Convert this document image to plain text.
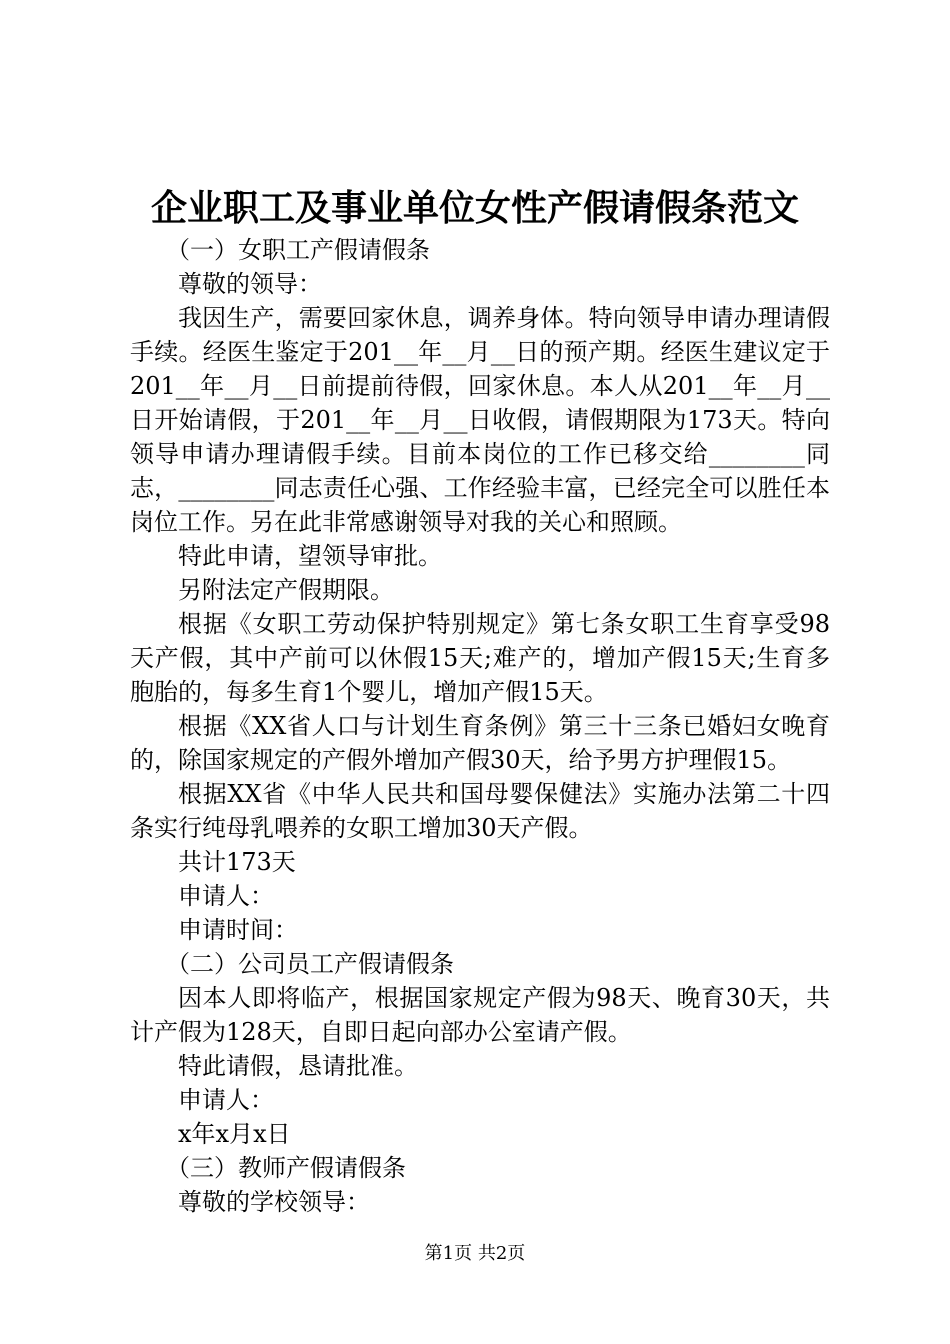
企业职工及事业单位女性产假请假条范文

（一）女职工产假请假条

尊敬的领导：

我因生产，需要回家休息，调养身体。特向领导申请办理请假手续。经医生鉴定于201__年__月__日的预产期。经医生建议定于201__年__月__日前提前待假，回家休息。本人从201__年__月__日开始请假，于201__年__月__日收假，请假期限为173天。特向领导申请办理请假手续。目前本岗位的工作已移交给________同志，________同志责任心强、工作经验丰富，已经完全可以胜任本岗位工作。另在此非常感谢领导对我的关心和照顾。

特此申请，望领导审批。

另附法定产假期限。

根据《女职工劳动保护特别规定》第七条女职工生育享受98天产假，其中产前可以休假15天;难产的，增加产假15天;生育多胞胎的，每多生育1个婴儿，增加产假15天。

根据《XX省人口与计划生育条例》第三十三条已婚妇女晚育的，除国家规定的产假外增加产假30天，给予男方护理假15。

根据XX省《中华人民共和国母婴保健法》实施办法第二十四条实行纯母乳喂养的女职工增加30天产假。

共计173天

申请人：

申请时间：

（二）公司员工产假请假条

因本人即将临产，根据国家规定产假为98天、晚育30天，共计产假为128天，自即日起向部办公室请产假。

特此请假，恳请批准。

申请人：

x年x月x日

（三）教师产假请假条

尊敬的学校领导：

第1页 共2页
